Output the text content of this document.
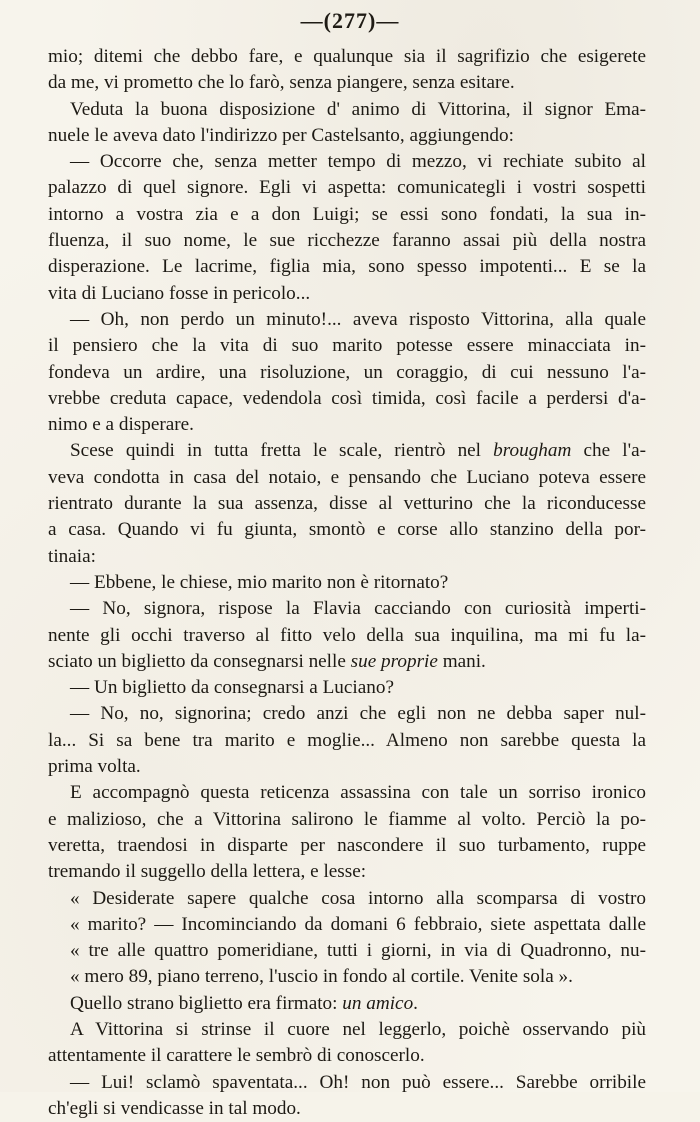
—(277)—
mio; ditemi che debbo fare, e qualunque sia il sagrifizio che esigerete
da me, vi prometto che lo farò, senza piangere, senza esitare.
Veduta la buona disposizione d' animo di Vittorina, il signor Ema-
nuele le aveva dato l'indirizzo per Castelsanto, aggiungendo:
— Occorre che, senza metter tempo di mezzo, vi rechiate subito al
palazzo di quel signore. Egli vi aspetta: comunicategli i vostri sospetti
intorno a vostra zia e a don Luigi; se essi sono fondati, la sua in-
fluenza, il suo nome, le sue ricchezze faranno assai più della nostra
disperazione. Le lacrime, figlia mia, sono spesso impotenti... E se la
vita di Luciano fosse in pericolo...
— Oh, non perdo un minuto!... aveva risposto Vittorina, alla quale
il pensiero che la vita di suo marito potesse essere minacciata in-
fondeva un ardire, una risoluzione, un coraggio, di cui nessuno l'a-
vrebbe creduta capace, vedendola così timida, così facile a perdersi d'a-
nimo e a disperare.
Scese quindi in tutta fretta le scale, rientrò nel brougham che l'a-
veva condotta in casa del notaio, e pensando che Luciano poteva essere
rientrato durante la sua assenza, disse al vetturino che la riconducesse
a casa. Quando vi fu giunta, smontò e corse allo stanzino della por-
tinaia:
— Ebbene, le chiese, mio marito non è ritornato?
— No, signora, rispose la Flavia cacciando con curiosità imperti-
nente gli occhi traverso al fitto velo della sua inquilina, ma mi fu la-
sciato un biglietto da consegnarsi nelle sue proprie mani.
— Un biglietto da consegnarsi a Luciano?
— No, no, signorina; credo anzi che egli non ne debba saper nul-
la... Si sa bene tra marito e moglie... Almeno non sarebbe questa la
prima volta.
E accompagnò questa reticenza assassina con tale un sorriso ironico
e malizioso, che a Vittorina salirono le fiamme al volto. Perciò la po-
veretta, traendosi in disparte per nascondere il suo turbamento, ruppe
tremando il suggello della lettera, e lesse:
« Desiderate sapere qualche cosa intorno alla scomparsa di vostro
« marito? — Incominciando da domani 6 febbraio, siete aspettata dalle
« tre alle quattro pomeridiane, tutti i giorni, in via di Quadronno, nu-
« mero 89, piano terreno, l'uscio in fondo al cortile. Venite sola ».
Quello strano biglietto era firmato: un amico.
A Vittorina si strinse il cuore nel leggerlo, poichè osservando più
attentamente il carattere le sembrò di conoscerlo.
— Lui! sclamò spaventata... Oh! non può essere... Sarebbe orribile
ch'egli si vendicasse in tal modo.
